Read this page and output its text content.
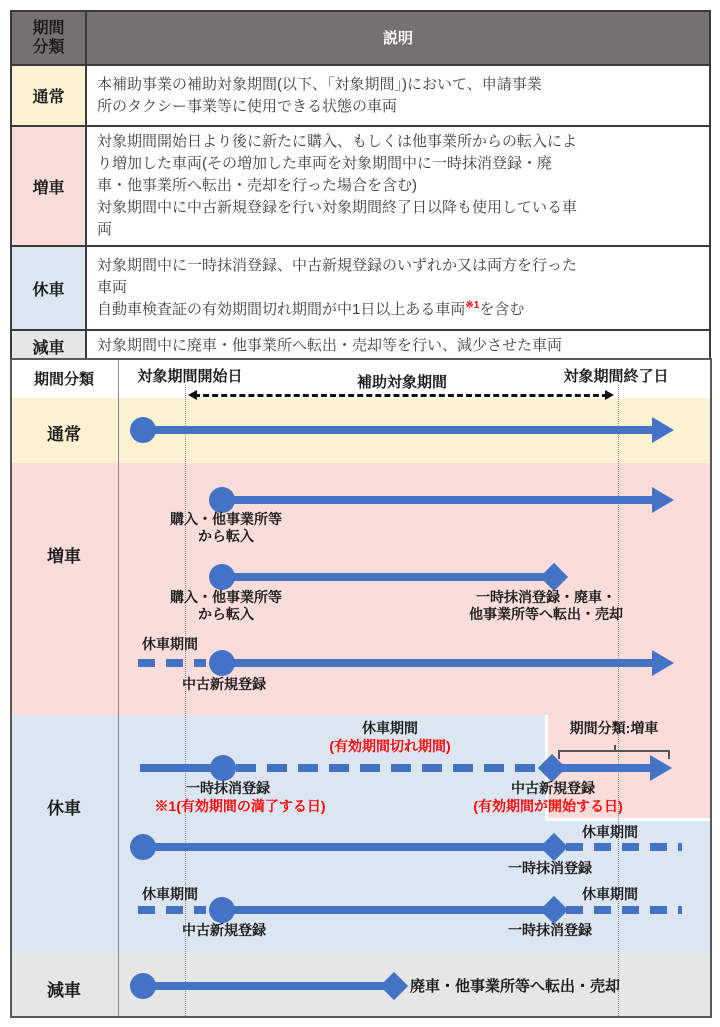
期間
分類	説明
通常	本補助事業の補助対象期間(以下、「対象期間」)において、申請事業
所のタクシー事業等に使用できる状態の車両

増車	対象期間開始日より後に新たに購入、もしくは他事業所からの転入によ
り増加した車両(その増加した車両を対象期間中に一時抹消登録・廃
車・他事業所へ転出・売却を行った場合を含む)
対象期間中に中古新規登録を行い対象期間終了日以降も使用している車
両

休車	対象期間中に一時抹消登録、中古新規登録のいずれか又は両方を行った
車両
自動車検査証の有効期間切れ期間が中1日以上ある車両$^{※1}$を含む

減車	対象期間中に廃車・他事業所へ転出・売却等を行い、減少させた車両
期間分類	対象期間開始日	補助対象期間	対象期間終了日
通常
増車
休車
減車
購入・他事業所等
から転入
購入・他事業所等
から転入
一時抹消登録・廃車・
他事業所等へ転出・売却
休車期間
中古新規登録
休車期間
(有効期間切れ期間)
期間分類:増車
一時抹消登録
※1(有効期間の満了する日)
中古新規登録
(有効期間が開始する日)
休車期間
一時抹消登録
休車期間	休車期間
中古新規登録	一時抹消登録
廃車・他事業所等へ転出・売却
